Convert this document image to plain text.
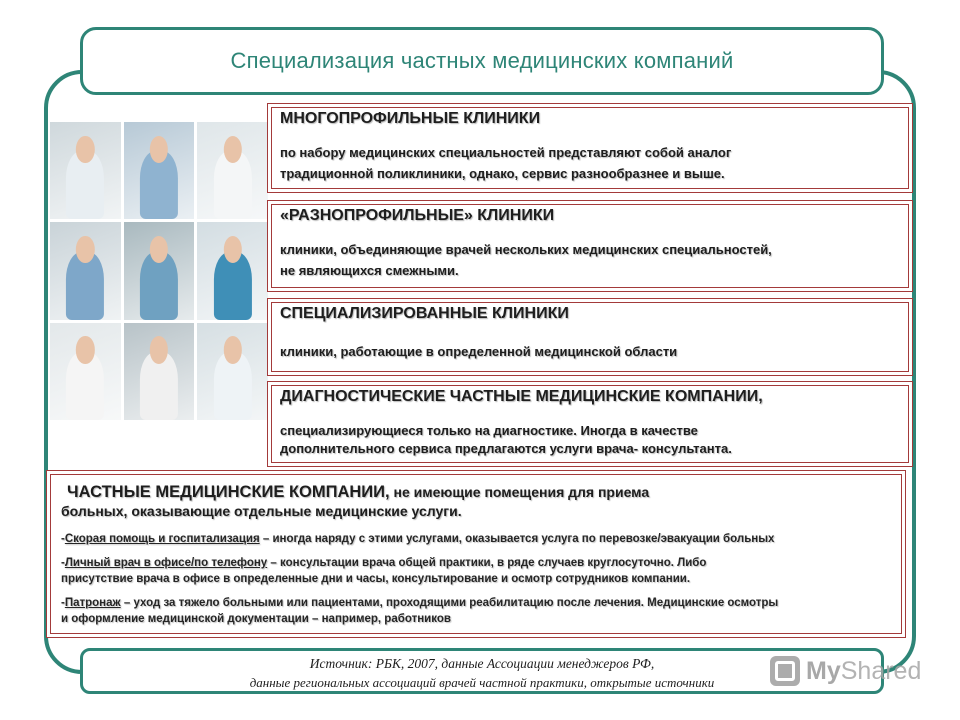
Специализация частных медицинских компаний
МНОГОПРОФИЛЬНЫЕ КЛИНИКИ
по набору медицинских специальностей представляют собой аналог
традиционной поликлиники, однако, сервис разнообразнее и выше.
«РАЗНОПРОФИЛЬНЫЕ» КЛИНИКИ
клиники, объединяющие врачей нескольких медицинских специальностей,
не являющихся смежными.
СПЕЦИАЛИЗИРОВАННЫЕ КЛИНИКИ
клиники, работающие в определенной медицинской области
ДИАГНОСТИЧЕСКИЕ ЧАСТНЫЕ МЕДИЦИНСКИЕ КОМПАНИИ,
специализирующиеся только на диагностике. Иногда в качестве
дополнительного сервиса предлагаются услуги врача- консультанта.
ЧАСТНЫЕ МЕДИЦИНСКИЕ КОМПАНИИ, не имеющие помещения для приема
больных, оказывающие отдельные медицинские услуги.
-Скорая помощь и госпитализация – иногда наряду с этими услугами, оказывается услуга по перевозке/эвакуации больных
-Личный врач в офисе/по телефону – консультации врача общей практики, в ряде случаев круглосуточно. Либо
присутствие врача в офисе в определенные дни и часы, консультирование и осмотр сотрудников компании.
-Патронаж – уход за тяжело больными или пациентами, проходящими реабилитацию после лечения. Медицинские осмотры
и оформление медицинской документации – например, работников
Источник: РБК, 2007, данные Ассоциации менеджеров РФ,
данные региональных ассоциаций врачей частной практики, открытые источники	MyShared
